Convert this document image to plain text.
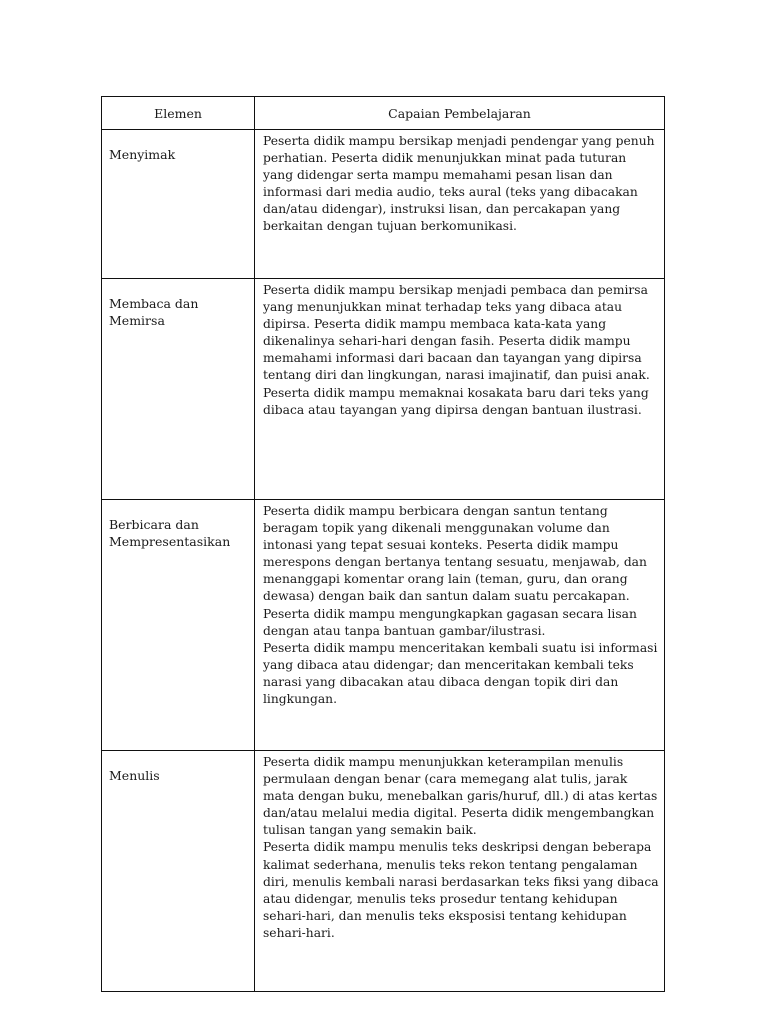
Elemen	Capaian Pembelajaran
Menyimak	Peserta didik mampu bersikap menjadi pendengar yang penuh perhatian. Peserta didik menunjukkan minat pada tuturan yang didengar serta mampu memahami pesan lisan dan informasi dari media audio, teks aural (teks yang dibacakan dan/atau didengar), instruksi lisan, dan percakapan yang berkaitan dengan tujuan berkomunikasi.

Membaca dan Memirsa	Peserta didik mampu bersikap menjadi pembaca dan pemirsa yang menunjukkan minat terhadap teks yang dibaca atau dipirsa. Peserta didik mampu membaca kata-kata yang dikenalinya sehari-hari dengan fasih. Peserta didik mampu memahami informasi dari bacaan dan tayangan yang dipirsa tentang diri dan lingkungan, narasi imajinatif, dan puisi anak. Peserta didik mampu memaknai kosakata baru dari teks yang dibaca atau tayangan yang dipirsa dengan bantuan ilustrasi.

Berbicara dan Mempresentasikan	Peserta didik mampu berbicara dengan santun tentang beragam topik yang dikenali menggunakan volume dan intonasi yang tepat sesuai konteks. Peserta didik mampu merespons dengan bertanya tentang sesuatu, menjawab, dan menanggapi komentar orang lain (teman, guru, dan orang dewasa) dengan baik dan santun dalam suatu percakapan. Peserta didik mampu mengungkapkan gagasan secara lisan dengan atau tanpa bantuan gambar/ilustrasi.

Peserta didik mampu menceritakan kembali suatu isi informasi yang dibaca atau didengar; dan menceritakan kembali teks narasi yang dibacakan atau dibaca dengan topik diri dan lingkungan.

Menulis	Peserta didik mampu menunjukkan keterampilan menulis permulaan dengan benar (cara memegang alat tulis, jarak mata dengan buku, menebalkan garis/huruf, dll.) di atas kertas dan/atau melalui media digital. Peserta didik mengembangkan tulisan tangan yang semakin baik.

Peserta didik mampu menulis teks deskripsi dengan beberapa kalimat sederhana, menulis teks rekon tentang pengalaman diri, menulis kembali narasi berdasarkan teks fiksi yang dibaca atau didengar, menulis teks prosedur tentang kehidupan sehari-hari, dan menulis teks eksposisi tentang kehidupan sehari-hari.
